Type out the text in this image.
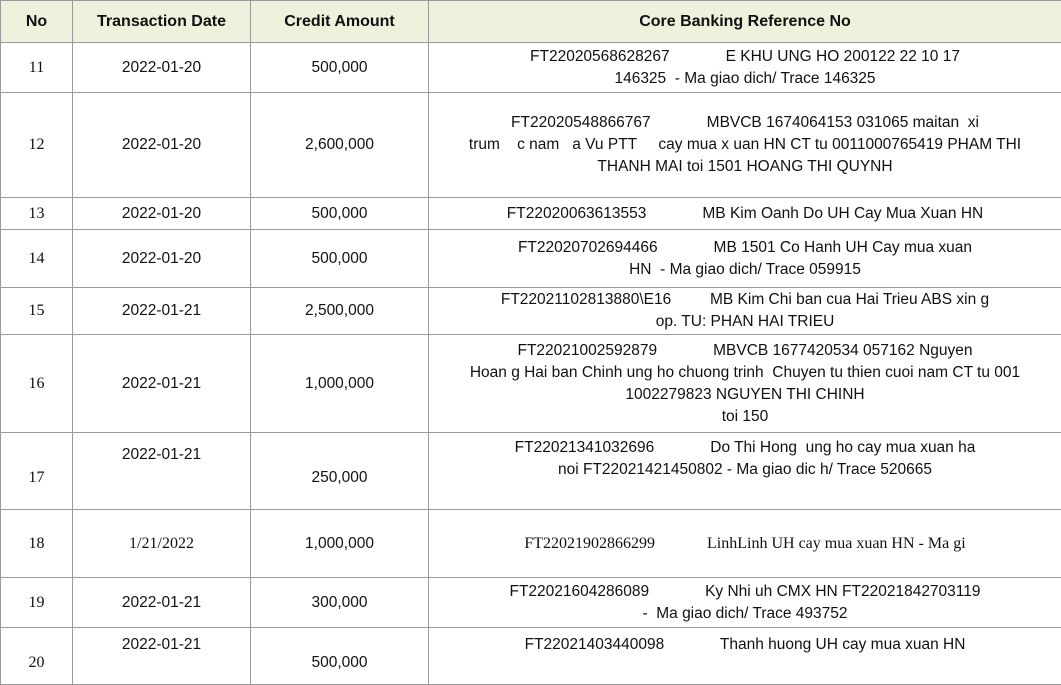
No	Transaction Date	Credit Amount	Core Banking Reference No
11	2022-01-20	500,000	FT22020568628267             E KHU UNG HO 200122 22 10 17
146325  - Ma giao dich/ Trace 146325
12	2022-01-20	2,600,000	FT22020548866767             MBVCB 1674064153 031065 maitan  xi
trum    c nam   a Vu PTT     cay mua x uan HN CT tu 0011000765419 PHAM THI
THANH MAI toi 1501 HOANG THI QUYNH
13	2022-01-20	500,000	FT22020063613553             MB Kim Oanh Do UH Cay Mua Xuan HN
14	2022-01-20	500,000	FT22020702694466             MB 1501 Co Hanh UH Cay mua xuan
HN  - Ma giao dich/ Trace 059915
15	2022-01-21	2,500,000	FT22021102813880\E16         MB Kim Chi ban cua Hai Trieu ABS xin g
op. TU: PHAN HAI TRIEU
16	2022-01-21	1,000,000	FT22021002592879             MBVCB 1677420534 057162 Nguyen
Hoan g Hai ban Chinh ung ho chuong trinh  Chuyen tu thien cuoi nam CT tu 001
1002279823 NGUYEN THI CHINH
toi 150
17	2022-01-21	250,000	FT22021341032696             Do Thi Hong  ung ho cay mua xuan ha
noi FT22021421450802 - Ma giao dic h/ Trace 520665
18	1/21/2022	1,000,000	FT22021902866299             LinhLinh UH cay mua xuan HN - Ma gi
19	2022-01-21	300,000	FT22021604286089             Ky Nhi uh CMX HN FT22021842703119
-  Ma giao dich/ Trace 493752
20	2022-01-21	500,000	FT22021403440098             Thanh huong UH cay mua xuan HN
